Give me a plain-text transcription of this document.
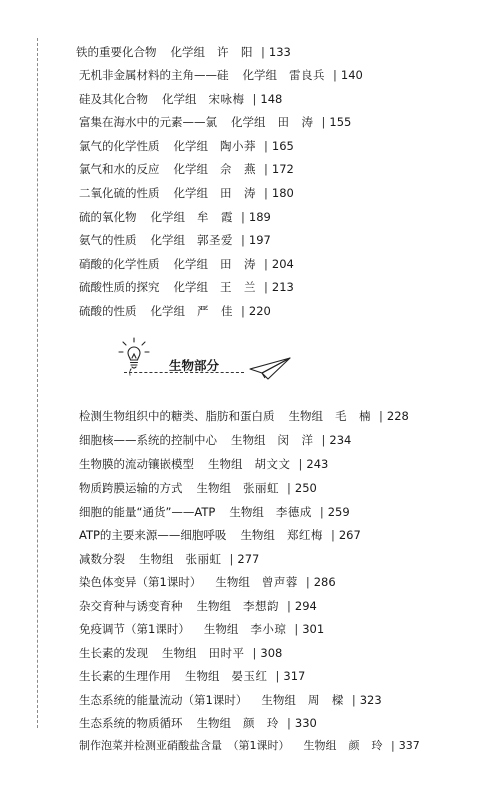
铁的重要化合物 化学组 许　阳 | 133
无机非金属材料的主角——硅 化学组 雷良兵 | 140
硅及其化合物 化学组 宋咏梅 | 148
富集在海水中的元素——氯 化学组 田　涛 | 155
氯气的化学性质 化学组 陶小莽 | 165
氯气和水的反应 化学组 佘　燕 | 172
二氧化硫的性质 化学组 田　涛 | 180
硫的氧化物 化学组 牟　霞 | 189
氨气的性质 化学组 郭圣爱 | 197
硝酸的化学性质 化学组 田　涛 | 204
硫酸性质的探究 化学组 王　兰 | 213
硫酸的性质 化学组 严　佳 | 220
生物部分
检测生物组织中的糖类、脂肪和蛋白质 生物组 毛　楠 | 228
细胞核——系统的控制中心 生物组 闵　洋 | 234
生物膜的流动镶嵌模型 生物组 胡文文 | 243
物质跨膜运输的方式 生物组 张丽虹 | 250
细胞的能量“通货”——ATP 生物组 李德成 | 259
ATP的主要来源——细胞呼吸 生物组 郑红梅 | 267
减数分裂 生物组 张丽虹 | 277
染色体变异（第1课时） 生物组 曾声蓉 | 286
杂交育种与诱变育种 生物组 李想韵 | 294
免疫调节（第1课时） 生物组 李小琼 | 301
生长素的发现 生物组 田时平 | 308
生长素的生理作用 生物组 晏玉红 | 317
生态系统的能量流动（第1课时） 生物组 周　樑 | 323
生态系统的物质循环 生物组 颜　玲 | 330
制作泡菜并检测亚硝酸盐含量　（第1课时） 生物组 颜　玲 | 337
